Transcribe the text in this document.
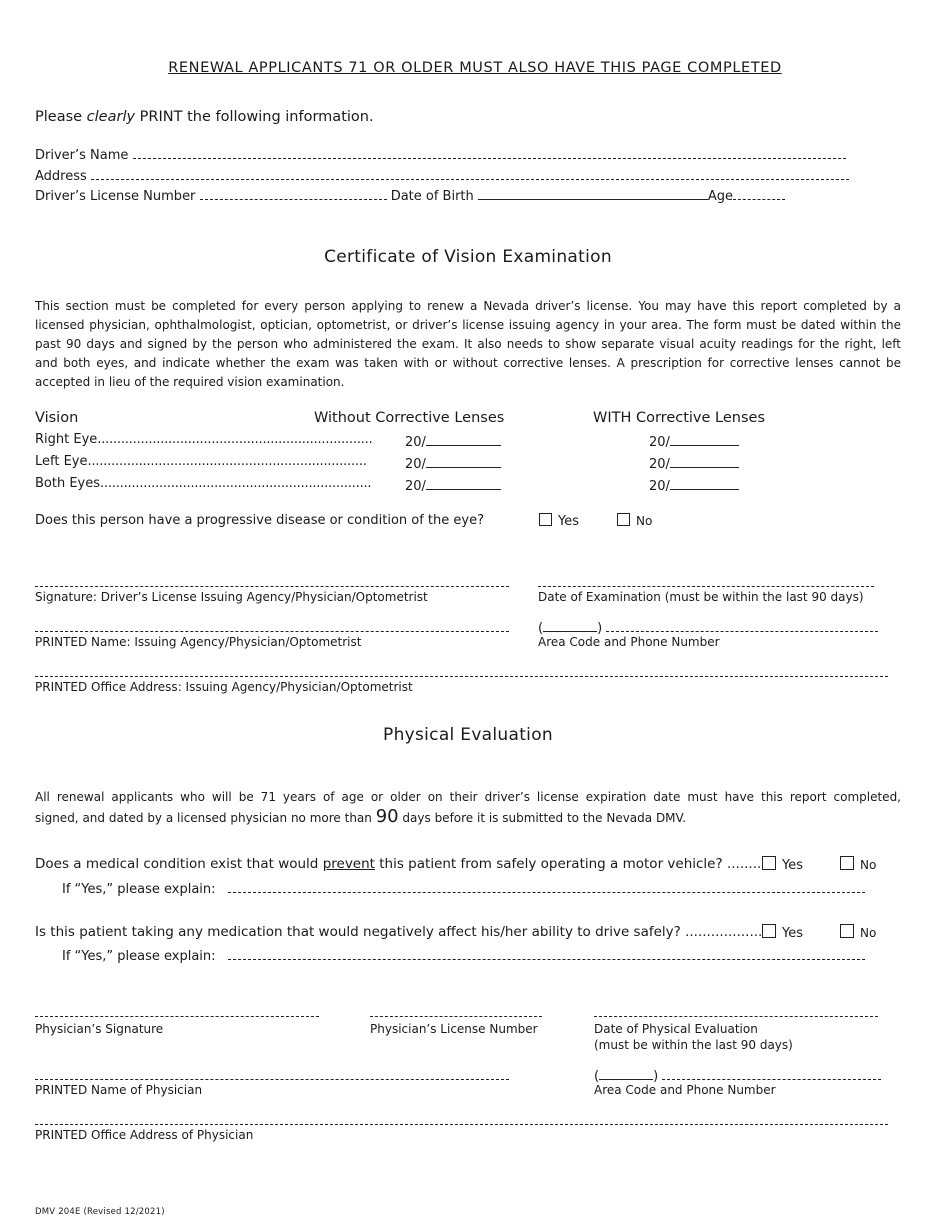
RENEWAL APPLICANTS 71 OR OLDER MUST ALSO HAVE THIS PAGE COMPLETED
Please clearly PRINT the following information.
Driver’s Name
Address
Driver’s License Number	Date of Birth	Age
Certificate of Vision Examination
This section must be completed for every person applying to renew a Nevada driver’s license. You may have this report completed by a
licensed physician, ophthalmologist, optician, optometrist, or driver’s license issuing agency in your area. The form must be dated within the
past 90 days and signed by the person who administered the exam. It also needs to show separate visual acuity readings for the right, left
and both eyes, and indicate whether the exam was taken with or without corrective lenses. A prescription for corrective lenses cannot be
accepted in lieu of the required vision examination.
Vision	Without Corrective Lenses	WITH Corrective Lenses
Right Eye...................................................................... 20/	20/
Left Eye.......................................................................	20/	20/
Both Eyes.....................................................................	20/	20/
Does this person have a progressive disease or condition of the eye?	Yes	No
Signature: Driver’s License Issuing Agency/Physician/Optometrist	Date of Examination (must be within the last 90 days)
(	)
PRINTED Name: Issuing Agency/Physician/Optometrist	Area Code and Phone Number
PRINTED Office Address: Issuing Agency/Physician/Optometrist
Physical Evaluation
All renewal applicants who will be 71 years of age or older on their driver’s license expiration date must have this report completed,
signed, and dated by a licensed physician no more than 90 days before it is submitted to the Nevada DMV.
Does a medical condition exist that would prevent this patient from safely operating a motor vehicle? ........	Yes	No
If “Yes,” please explain:
Is this patient taking any medication that would negatively affect his/her ability to drive safely? ..................	Yes	No
If “Yes,” please explain:
Physician’s Signature	Physician’s License Number	Date of Physical Evaluation
(must be within the last 90 days)
(	)
PRINTED Name of Physician	Area Code and Phone Number
PRINTED Office Address of Physician
DMV 204E (Revised 12/2021)
